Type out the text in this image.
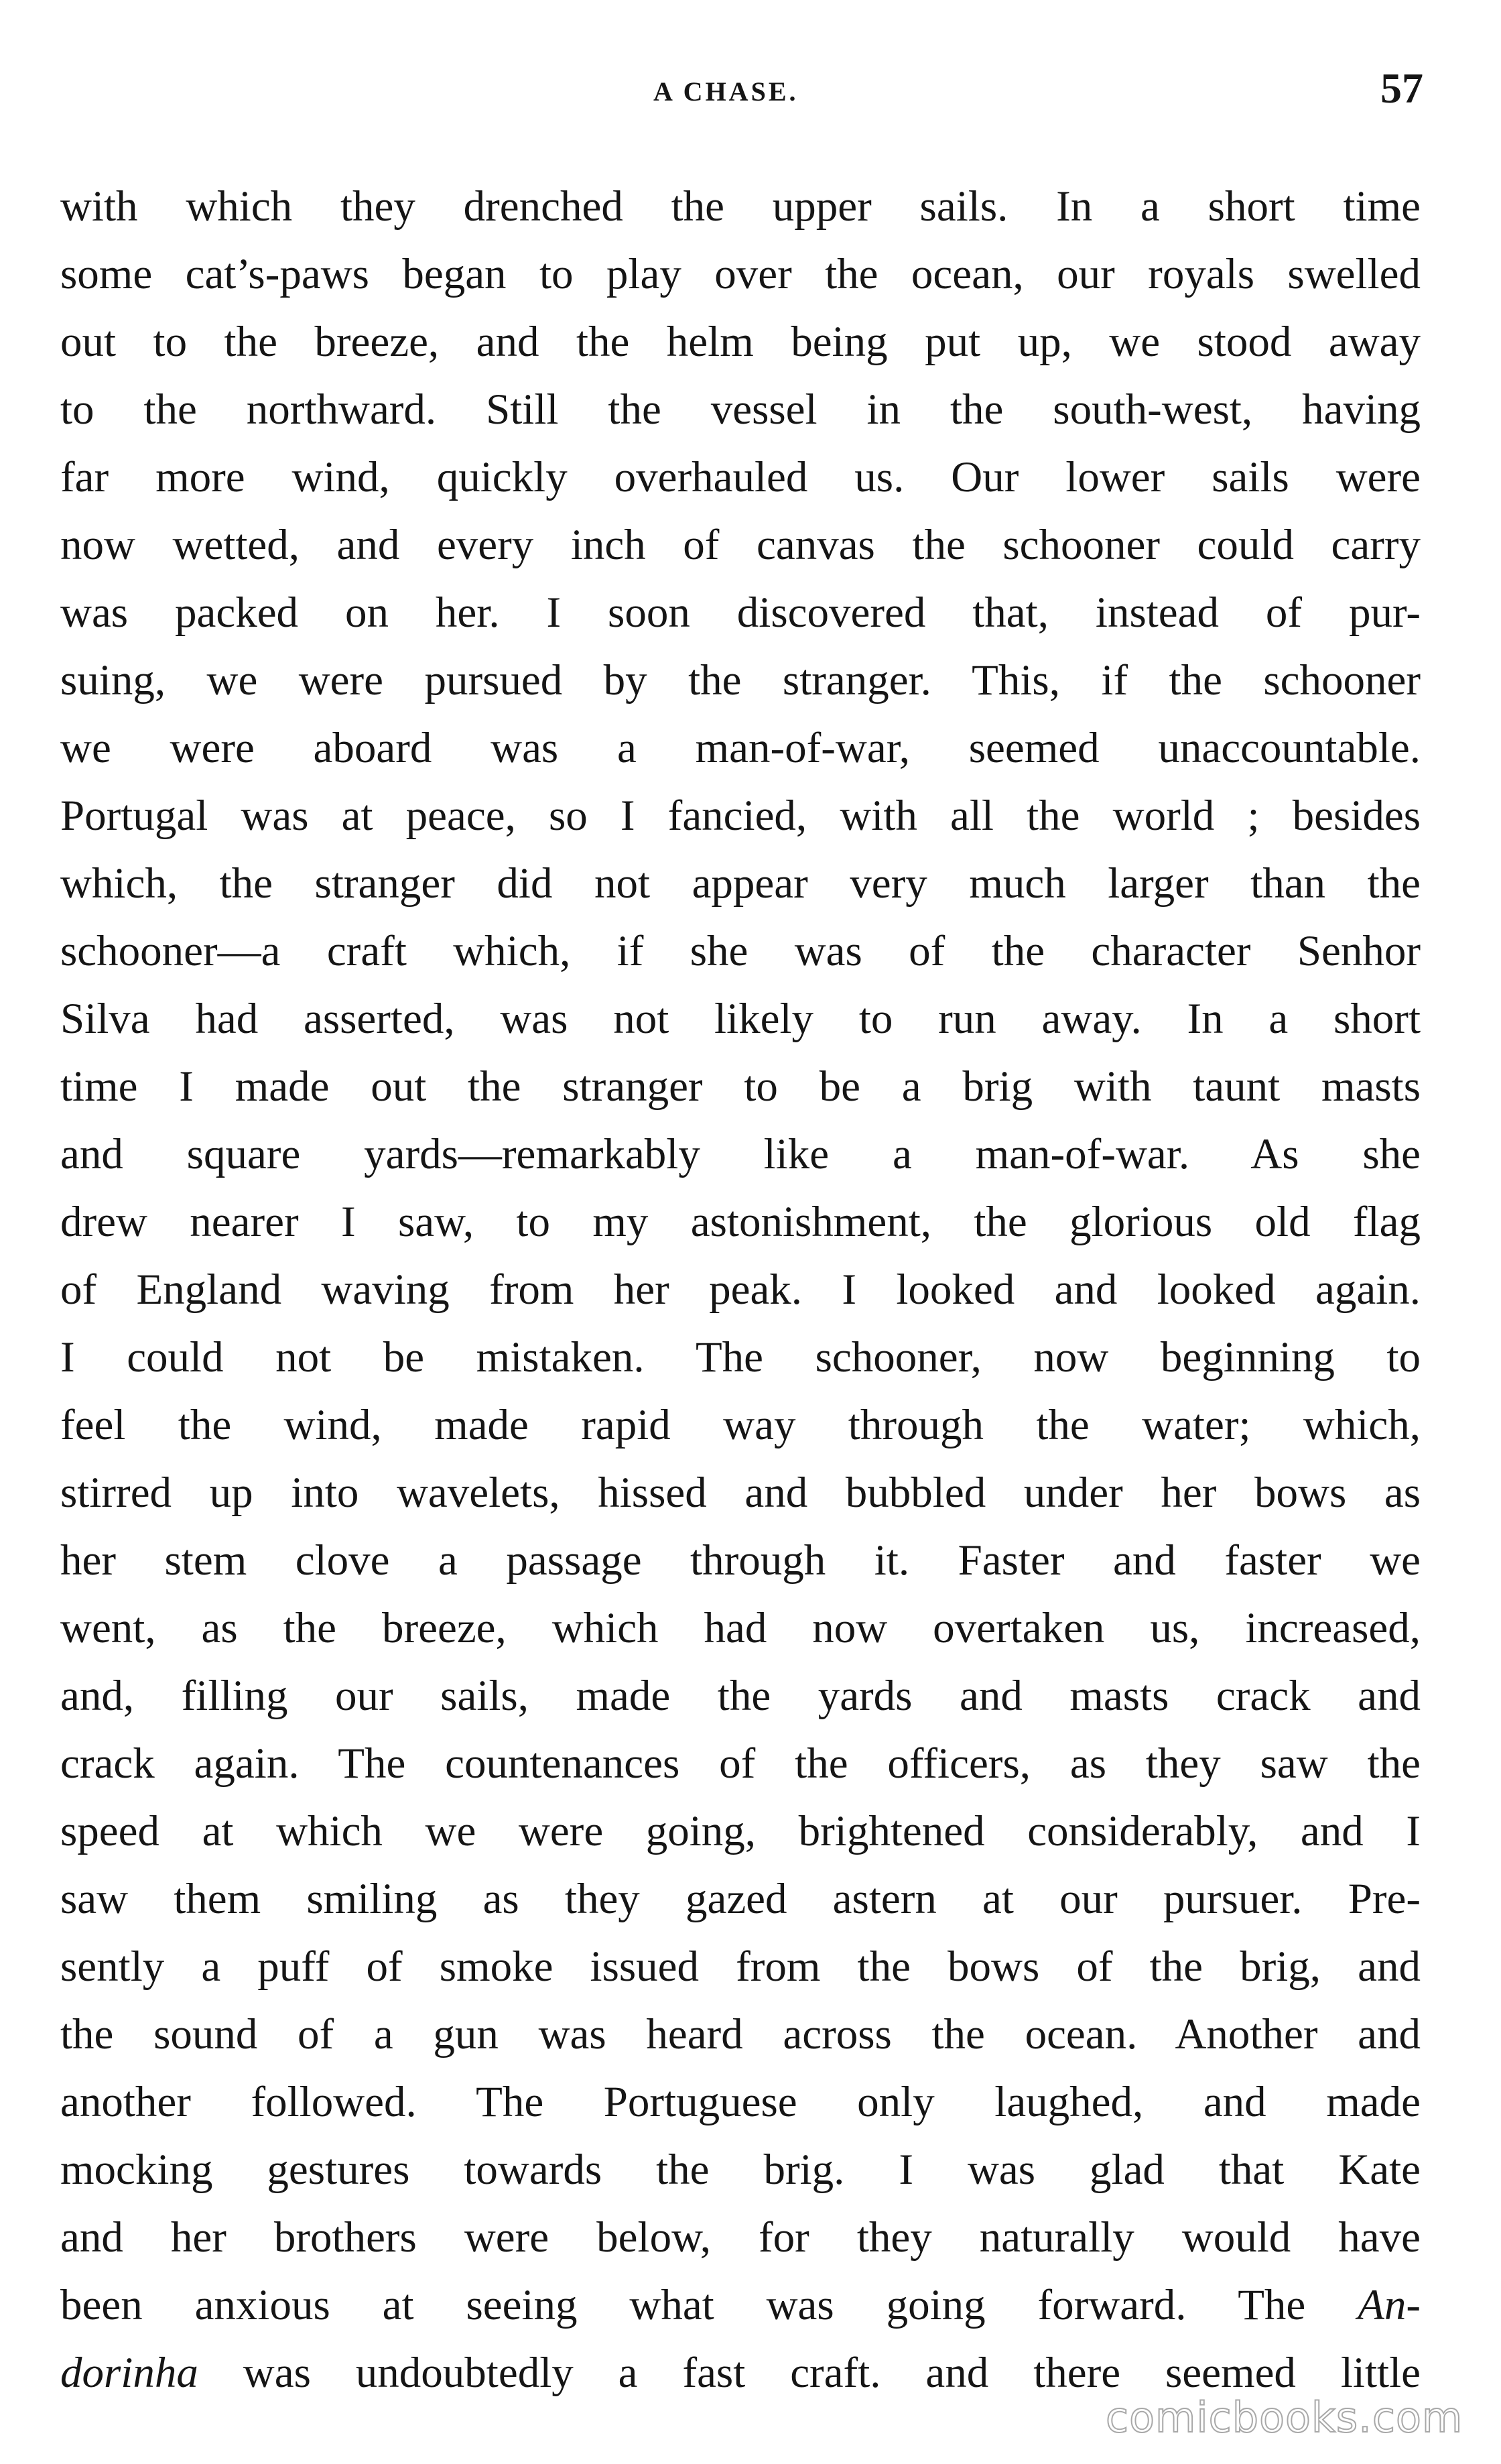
A CHASE.	57
with which they drenched the upper sails. In a short time
some cat’s-paws began to play over the ocean, our royals swelled
out to the breeze, and the helm being put up, we stood away
to the northward. Still the vessel in the south-west, having
far more wind, quickly overhauled us. Our lower sails were
now wetted, and every inch of canvas the schooner could carry
was packed on her. I soon discovered that, instead of pur-
suing, we were pursued by the stranger. This, if the schooner
we were aboard was a man-of-war, seemed unaccountable.
Portugal was at peace, so I fancied, with all the world ; besides
which, the stranger did not appear very much larger than the
schooner—a craft which, if she was of the character Senhor
Silva had asserted, was not likely to run away. In a short
time I made out the stranger to be a brig with taunt masts
and square yards—remarkably like a man-of-war. As she
drew nearer I saw, to my astonishment, the glorious old flag
of England waving from her peak. I looked and looked again.
I could not be mistaken. The schooner, now beginning to
feel the wind, made rapid way through the water; which,
stirred up into wavelets, hissed and bubbled under her bows as
her stem clove a passage through it. Faster and faster we
went, as the breeze, which had now overtaken us, increased,
and, filling our sails, made the yards and masts crack and
crack again. The countenances of the officers, as they saw the
speed at which we were going, brightened considerably, and I
saw them smiling as they gazed astern at our pursuer. Pre-
sently a puff of smoke issued from the bows of the brig, and
the sound of a gun was heard across the ocean. Another and
another followed. The Portuguese only laughed, and made
mocking gestures towards the brig. I was glad that Kate
and her brothers were below, for they naturally would have
been anxious at seeing what was going forward. The An-
dorinha was undoubtedly a fast craft. and there seemed little
comicbooks.com
